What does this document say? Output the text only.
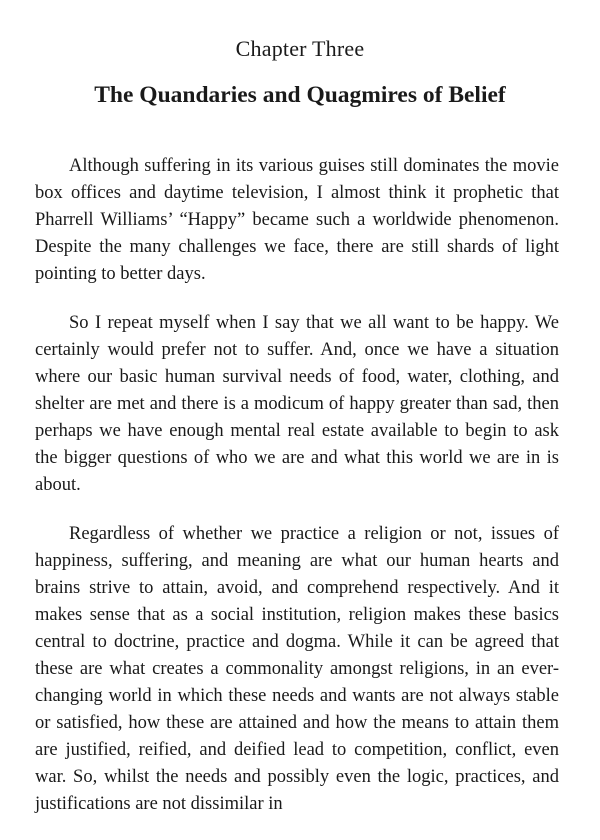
Chapter Three
The Quandaries and Quagmires of Belief

Although suffering in its various guises still dominates the movie box offices and daytime television, I almost think it prophetic that Pharrell Williams’ “Happy” became such a worldwide phenomenon. Despite the many challenges we face, there are still shards of light pointing to better days.

So I repeat myself when I say that we all want to be happy. We certainly would prefer not to suffer. And, once we have a situation where our basic human survival needs of food, water, clothing, and shelter are met and there is a modicum of happy greater than sad, then perhaps we have enough mental real estate available to begin to ask the bigger questions of who we are and what this world we are in is about.

Regardless of whether we practice a religion or not, issues of happiness, suffering, and meaning are what our human hearts and brains strive to attain, avoid, and comprehend respectively. And it makes sense that as a social institution, religion makes these basics central to doctrine, practice and dogma. While it can be agreed that these are what creates a commonality amongst religions, in an ever-changing world in which these needs and wants are not always stable or satisfied, how these are attained and how the means to attain them are justified, reified, and deified lead to competition, conflict, even war. So, whilst the needs and possibly even the logic, practices, and justifications are not dissimilar in
